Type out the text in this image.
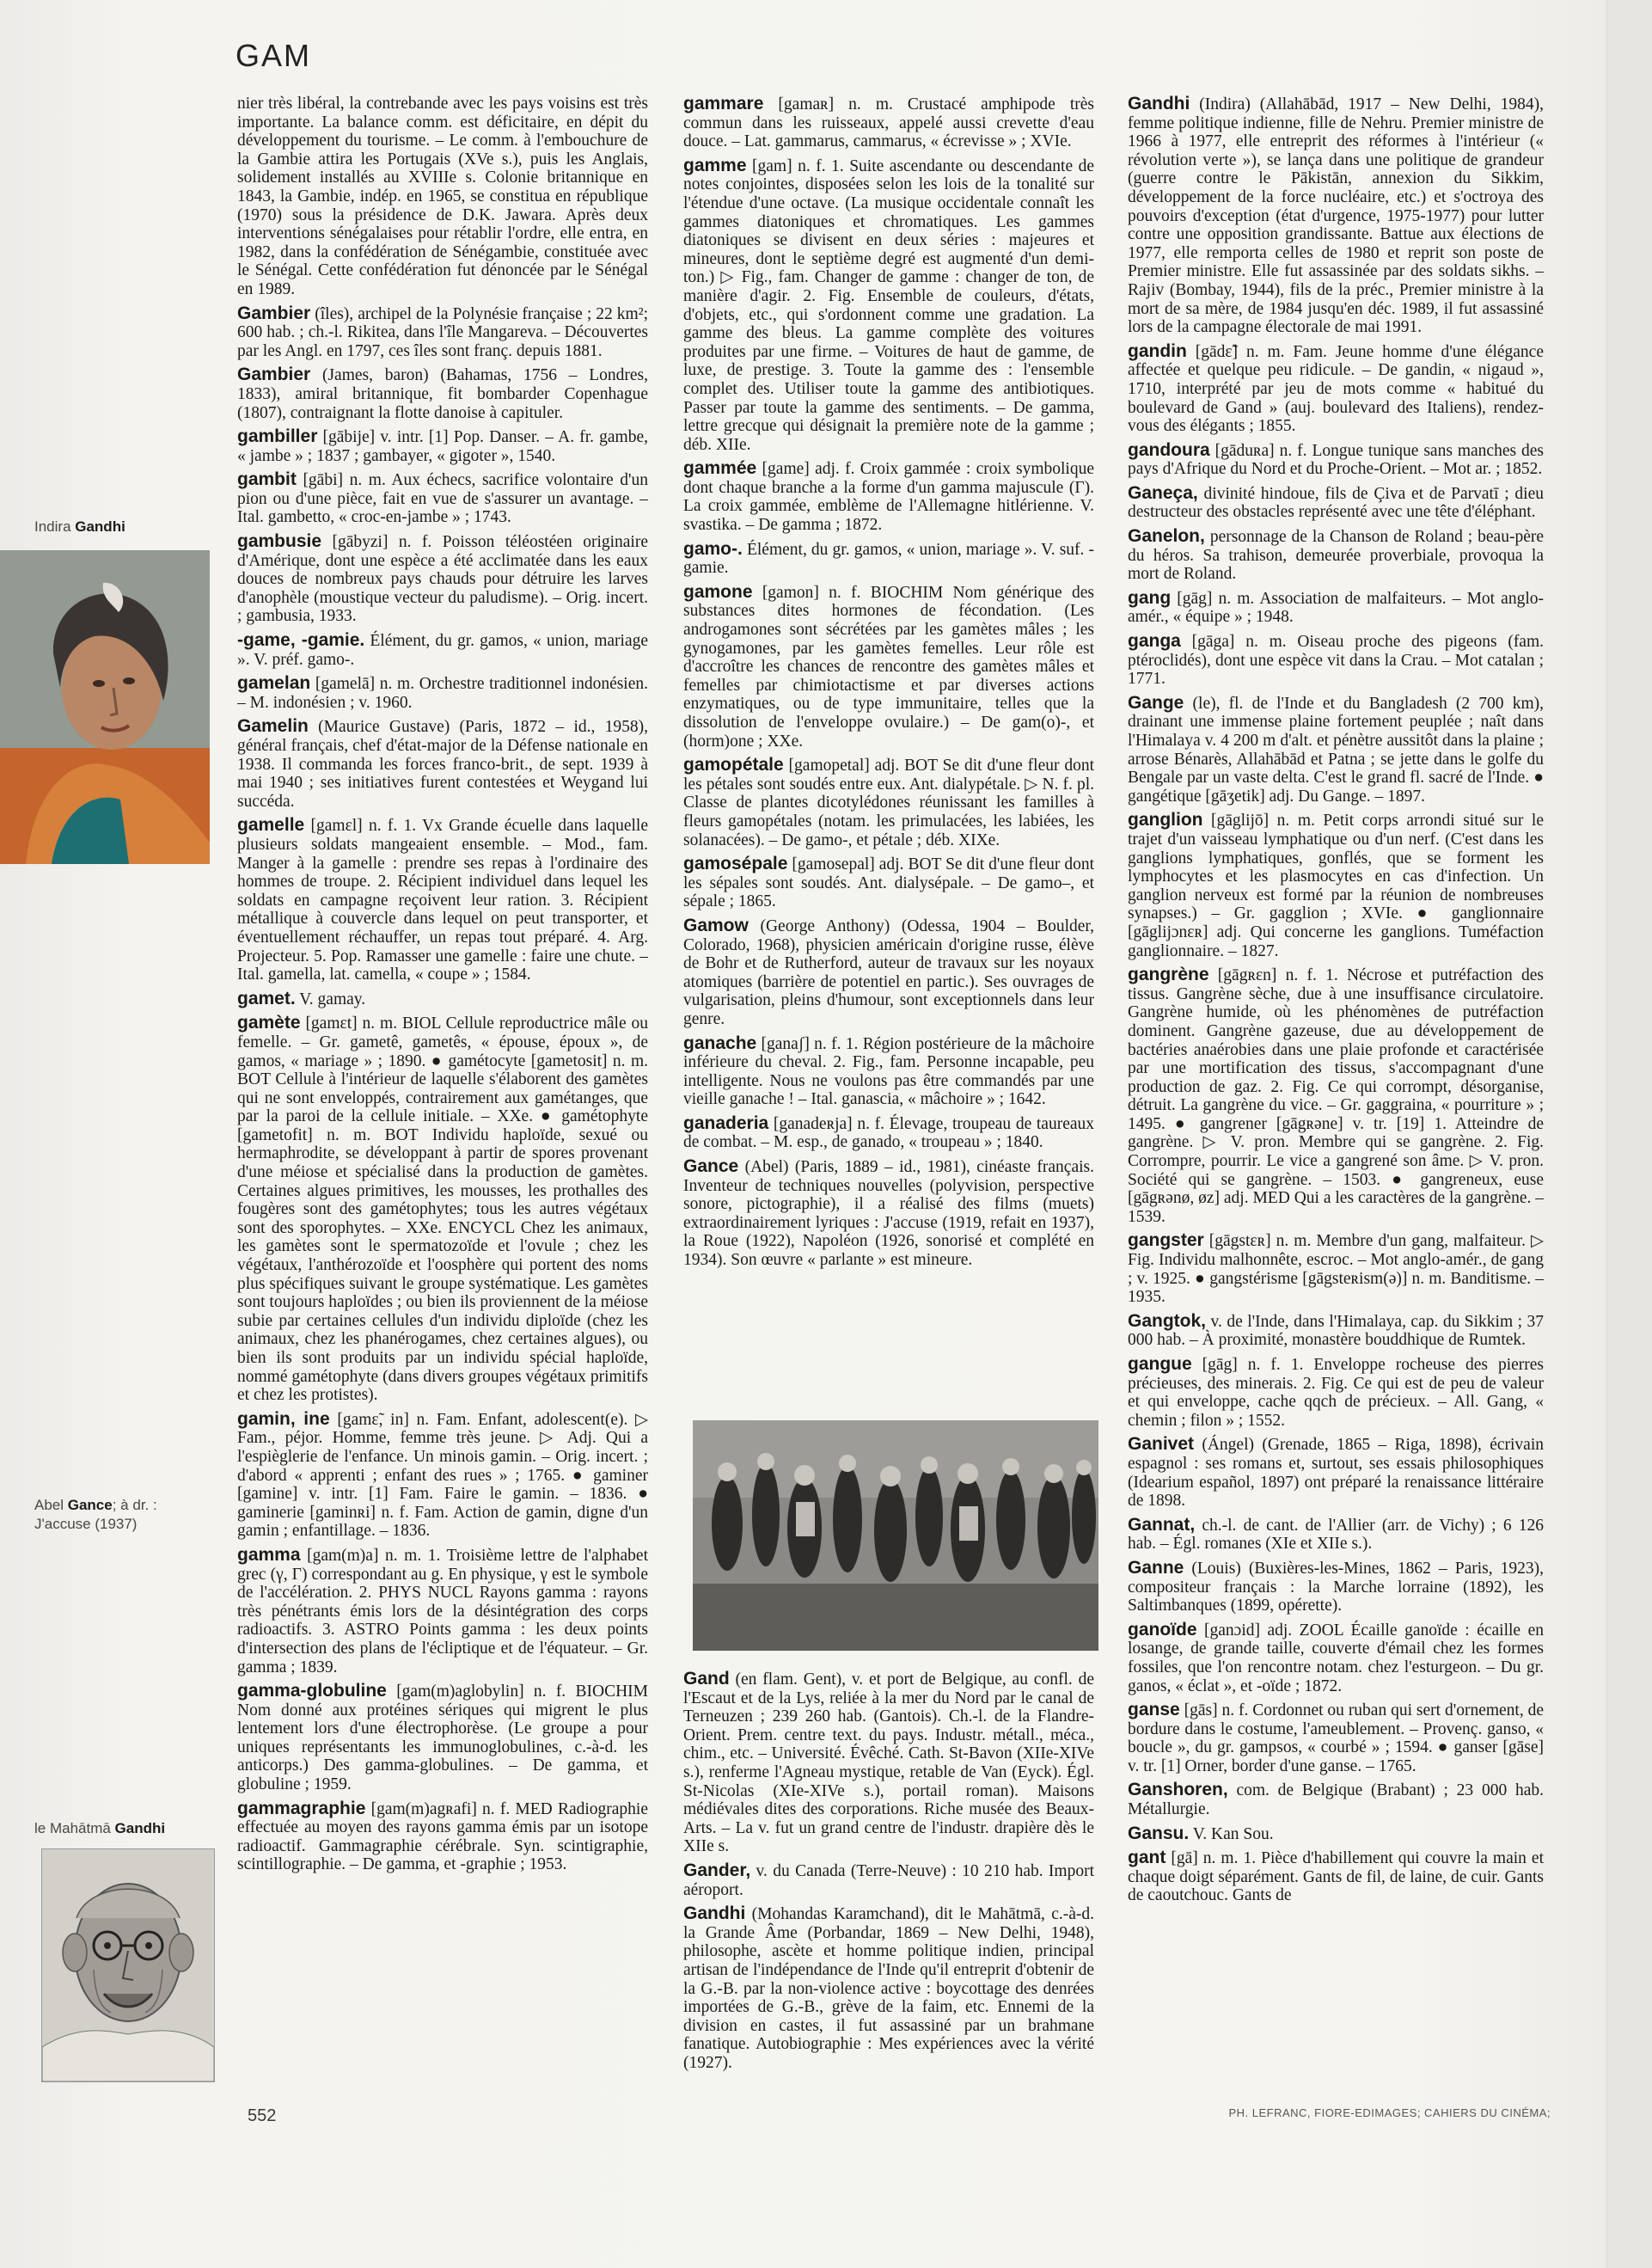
GAM
Indira Gandhi
Abel Gance; à dr. : J'accuse (1937)
le Mahātmā Gandhi

nier très libéral, la contrebande avec les pays voisins est très importante. La balance comm. est déficitaire, en dépit du développement du tourisme. – Le comm. à l'embouchure de la Gambie attira les Portugais (XVe s.), puis les Anglais, solidement installés au XVIIIe s. Colonie britannique en 1843, la Gambie, indép. en 1965, se constitua en république (1970) sous la présidence de D.K. Jawara. Après deux interventions sénégalaises pour rétablir l'ordre, elle entra, en 1982, dans la confédération de Sénégambie, constituée avec le Sénégal. Cette confédération fut dénoncée par le Sénégal en 1989.

Gambier (îles), archipel de la Polynésie française ; 22 km²; 600 hab. ; ch.-l. Rikitea, dans l'île Mangareva. – Découvertes par les Angl. en 1797, ces îles sont franç. depuis 1881.

Gambier (James, baron) (Bahamas, 1756 – Londres, 1833), amiral britannique, fit bombarder Copenhague (1807), contraignant la flotte danoise à capituler.

gambiller [gābije] v. intr. [1] Pop. Danser. – A. fr. gambe, « jambe » ; 1837 ; gambayer, « gigoter », 1540.

gambit [gābi] n. m. Aux échecs, sacrifice volontaire d'un pion ou d'une pièce, fait en vue de s'assurer un avantage. – Ital. gambetto, « croc-en-jambe » ; 1743.

gambusie [gābyzi] n. f. Poisson téléostéen originaire d'Amérique, dont une espèce a été acclimatée dans les eaux douces de nombreux pays chauds pour détruire les larves d'anophèle (moustique vecteur du paludisme). – Orig. incert. ; gambusia, 1933.

-game, -gamie. Élément, du gr. gamos, « union, mariage ». V. préf. gamo-.

gamelan [gamelā] n. m. Orchestre traditionnel indonésien. – M. indonésien ; v. 1960.

Gamelin (Maurice Gustave) (Paris, 1872 – id., 1958), général français, chef d'état-major de la Défense nationale en 1938. Il commanda les forces franco-brit., de sept. 1939 à mai 1940 ; ses initiatives furent contestées et Weygand lui succéda.

gamelle [gamɛl] n. f. 1. Vx Grande écuelle dans laquelle plusieurs soldats mangeaient ensemble. – Mod., fam. Manger à la gamelle : prendre ses repas à l'ordinaire des hommes de troupe. 2. Récipient individuel dans lequel les soldats en campagne reçoivent leur ration. 3. Récipient métallique à couvercle dans lequel on peut transporter, et éventuellement réchauffer, un repas tout préparé. 4. Arg. Projecteur. 5. Pop. Ramasser une gamelle : faire une chute. – Ital. gamella, lat. camella, « coupe » ; 1584.

gamet. V. gamay.

gamète [gamɛt] n. m. BIOL Cellule reproductrice mâle ou femelle. – Gr. gametê, gametês, « épouse, époux », de gamos, « mariage » ; 1890. ● gamétocyte [gametosit] n. m. BOT Cellule à l'intérieur de laquelle s'élaborent des gamètes qui ne sont enveloppés, contrairement aux gamétanges, que par la paroi de la cellule initiale. – XXe. ● gamétophyte [gametofit] n. m. BOT Individu haploïde, sexué ou hermaphrodite, se développant à partir de spores provenant d'une méiose et spécialisé dans la production de gamètes. Certaines algues primitives, les mousses, les prothalles des fougères sont des gamétophytes; tous les autres végétaux sont des sporophytes. – XXe. ENCYCL Chez les animaux, les gamètes sont le spermatozoïde et l'ovule ; chez les végétaux, l'anthérozoïde et l'oosphère qui portent des noms plus spécifiques suivant le groupe systématique. Les gamètes sont toujours haploïdes ; ou bien ils proviennent de la méiose subie par certaines cellules d'un individu diploïde (chez les animaux, chez les phanérogames, chez certaines algues), ou bien ils sont produits par un individu spécial haploïde, nommé gamétophyte (dans divers groupes végétaux primitifs et chez les protistes).

gamin, ine [gamɛ̃, in] n. Fam. Enfant, adolescent(e). ▷ Fam., péjor. Homme, femme très jeune. ▷ Adj. Qui a l'espièglerie de l'enfance. Un minois gamin. – Orig. incert. ; d'abord « apprenti ; enfant des rues » ; 1765. ● gaminer [gamine] v. intr. [1] Fam. Faire le gamin. – 1836. ● gaminerie [gaminʀi] n. f. Fam. Action de gamin, digne d'un gamin ; enfantillage. – 1836.

gamma [gam(m)a] n. m. 1. Troisième lettre de l'alphabet grec (γ, Γ) correspondant au g. En physique, γ est le symbole de l'accélération. 2. PHYS NUCL Rayons gamma : rayons très pénétrants émis lors de la désintégration des corps radioactifs. 3. ASTRO Points gamma : les deux points d'intersection des plans de l'écliptique et de l'équateur. – Gr. gamma ; 1839.

gamma-globuline [gam(m)aglobylin] n. f. BIOCHIM Nom donné aux protéines sériques qui migrent le plus lentement lors d'une électrophorèse. (Le groupe a pour uniques représentants les immunoglobulines, c.-à-d. les anticorps.) Des gamma-globulines. – De gamma, et globuline ; 1959.

gammagraphie [gam(m)agʀafi] n. f. MED Radiographie effectuée au moyen des rayons gamma émis par un isotope radioactif. Gammagraphie cérébrale. Syn. scintigraphie, scintillographie. – De gamma, et -graphie ; 1953.

gammare [gamaʀ] n. m. Crustacé amphipode très commun dans les ruisseaux, appelé aussi crevette d'eau douce. – Lat. gammarus, cammarus, « écrevisse » ; XVIe.

gamme [gam] n. f. 1. Suite ascendante ou descendante de notes conjointes, disposées selon les lois de la tonalité sur l'étendue d'une octave. (La musique occidentale connaît les gammes diatoniques et chromatiques. Les gammes diatoniques se divisent en deux séries : majeures et mineures, dont le septième degré est augmenté d'un demi-ton.) ▷ Fig., fam. Changer de gamme : changer de ton, de manière d'agir. 2. Fig. Ensemble de couleurs, d'états, d'objets, etc., qui s'ordonnent comme une gradation. La gamme des bleus. La gamme complète des voitures produites par une firme. – Voitures de haut de gamme, de luxe, de prestige. 3. Toute la gamme des : l'ensemble complet des. Utiliser toute la gamme des antibiotiques. Passer par toute la gamme des sentiments. – De gamma, lettre grecque qui désignait la première note de la gamme ; déb. XIIe.

gammée [game] adj. f. Croix gammée : croix symbolique dont chaque branche a la forme d'un gamma majuscule (Γ). La croix gammée, emblème de l'Allemagne hitlérienne. V. svastika. – De gamma ; 1872.

gamo-. Élément, du gr. gamos, « union, mariage ». V. suf. -gamie.

gamone [gamon] n. f. BIOCHIM Nom générique des substances dites hormones de fécondation. (Les androgamones sont sécrétées par les gamètes mâles ; les gynogamones, par les gamètes femelles. Leur rôle est d'accroître les chances de rencontre des gamètes mâles et femelles par chimiotactisme et par diverses actions enzymatiques, ou de type immunitaire, telles que la dissolution de l'enveloppe ovulaire.) – De gam(o)-, et (horm)one ; XXe.

gamopétale [gamopetal] adj. BOT Se dit d'une fleur dont les pétales sont soudés entre eux. Ant. dialypétale. ▷ N. f. pl. Classe de plantes dicotylédones réunissant les familles à fleurs gamopétales (notam. les primulacées, les labiées, les solanacées). – De gamo-, et pétale ; déb. XIXe.

gamosépale [gamosepal] adj. BOT Se dit d'une fleur dont les sépales sont soudés. Ant. dialysépale. – De gamo–, et sépale ; 1865.

Gamow (George Anthony) (Odessa, 1904 – Boulder, Colorado, 1968), physicien américain d'origine russe, élève de Bohr et de Rutherford, auteur de travaux sur les noyaux atomiques (barrière de potentiel en partic.). Ses ouvrages de vulgarisation, pleins d'humour, sont exceptionnels dans leur genre.

ganache [ganaʃ] n. f. 1. Région postérieure de la mâchoire inférieure du cheval. 2. Fig., fam. Personne incapable, peu intelligente. Nous ne voulons pas être commandés par une vieille ganache ! – Ital. ganascia, « mâchoire » ; 1642.

ganaderia [ganadeʀja] n. f. Élevage, troupeau de taureaux de combat. – M. esp., de ganado, « troupeau » ; 1840.

Gance (Abel) (Paris, 1889 – id., 1981), cinéaste français. Inventeur de techniques nouvelles (polyvision, perspective sonore, pictographie), il a réalisé des films (muets) extraordinairement lyriques : J'accuse (1919, refait en 1937), la Roue (1922), Napoléon (1926, sonorisé et complété en 1934). Son œuvre « parlante » est mineure.

Gand (en flam. Gent), v. et port de Belgique, au confl. de l'Escaut et de la Lys, reliée à la mer du Nord par le canal de Terneuzen ; 239 260 hab. (Gantois). Ch.-l. de la Flandre-Orient. Prem. centre text. du pays. Industr. métall., méca., chim., etc. – Université. Évêché. Cath. St-Bavon (XIIe-XIVe s.), renferme l'Agneau mystique, retable de Van (Eyck). Égl. St-Nicolas (XIe-XIVe s.), portail roman). Maisons médiévales dites des corporations. Riche musée des Beaux-Arts. – La v. fut un grand centre de l'industr. drapière dès le XIIe s.

Gander, v. du Canada (Terre-Neuve) : 10 210 hab. Import aéroport.

Gandhi (Mohandas Karamchand), dit le Mahātmā, c.-à-d. la Grande Âme (Porbandar, 1869 – New Delhi, 1948), philosophe, ascète et homme politique indien, principal artisan de l'indépendance de l'Inde qu'il entreprit d'obtenir de la G.-B. par la non-violence active : boycottage des denrées importées de G.-B., grève de la faim, etc. Ennemi de la division en castes, il fut assassiné par un brahmane fanatique. Autobiographie : Mes expériences avec la vérité (1927).

Gandhi (Indira) (Allahābād, 1917 – New Delhi, 1984), femme politique indienne, fille de Nehru. Premier ministre de 1966 à 1977, elle entreprit des réformes à l'intérieur (« révolution verte »), se lança dans une politique de grandeur (guerre contre le Pākistān, annexion du Sikkim, développement de la force nucléaire, etc.) et s'octroya des pouvoirs d'exception (état d'urgence, 1975-1977) pour lutter contre une opposition grandissante. Battue aux élections de 1977, elle remporta celles de 1980 et reprit son poste de Premier ministre. Elle fut assassinée par des soldats sikhs. – Rajiv (Bombay, 1944), fils de la préc., Premier ministre à la mort de sa mère, de 1984 jusqu'en déc. 1989, il fut assassiné lors de la campagne électorale de mai 1991.

gandin [gādɛ̃] n. m. Fam. Jeune homme d'une élégance affectée et quelque peu ridicule. – De gandin, « nigaud », 1710, interprété par jeu de mots comme « habitué du boulevard de Gand » (auj. boulevard des Italiens), rendez-vous des élégants ; 1855.

gandoura [gāduʀa] n. f. Longue tunique sans manches des pays d'Afrique du Nord et du Proche-Orient. – Mot ar. ; 1852.

Ganeça, divinité hindoue, fils de Çiva et de Parvatī ; dieu destructeur des obstacles représenté avec une tête d'éléphant.

Ganelon, personnage de la Chanson de Roland ; beau-père du héros. Sa trahison, demeurée proverbiale, provoqua la mort de Roland.

gang [gāg] n. m. Association de malfaiteurs. – Mot anglo-amér., « équipe » ; 1948.

ganga [gāga] n. m. Oiseau proche des pigeons (fam. ptéroclidés), dont une espèce vit dans la Crau. – Mot catalan ; 1771.

Gange (le), fl. de l'Inde et du Bangladesh (2 700 km), drainant une immense plaine fortement peuplée ; naît dans l'Himalaya v. 4 200 m d'alt. et pénètre aussitôt dans la plaine ; arrose Bénarès, Allahābād et Patna ; se jette dans le golfe du Bengale par un vaste delta. C'est le grand fl. sacré de l'Inde. ● gangétique [gāʒetik] adj. Du Gange. – 1897.

ganglion [gāglijō] n. m. Petit corps arrondi situé sur le trajet d'un vaisseau lymphatique ou d'un nerf. (C'est dans les ganglions lymphatiques, gonflés, que se forment les lymphocytes et les plasmocytes en cas d'infection. Un ganglion nerveux est formé par la réunion de nombreuses synapses.) – Gr. gagglion ; XVIe. ● ganglionnaire [gāglijɔnɛʀ] adj. Qui concerne les ganglions. Tuméfaction ganglionnaire. – 1827.

gangrène [gāgʀɛn] n. f. 1. Nécrose et putréfaction des tissus. Gangrène sèche, due à une insuffisance circulatoire. Gangrène humide, où les phénomènes de putréfaction dominent. Gangrène gazeuse, due au développement de bactéries anaérobies dans une plaie profonde et caractérisée par une mortification des tissus, s'accompagnant d'une production de gaz. 2. Fig. Ce qui corrompt, désorganise, détruit. La gangrène du vice. – Gr. gaggraina, « pourriture » ; 1495. ● gangrener [gāgʀəne] v. tr. [19] 1. Atteindre de gangrène. ▷ V. pron. Membre qui se gangrène. 2. Fig. Corrompre, pourrir. Le vice a gangrené son âme. ▷ V. pron. Société qui se gangrène. – 1503. ● gangreneux, euse [gāgʀənø, øz] adj. MED Qui a les caractères de la gangrène. – 1539.

gangster [gāgstɛʀ] n. m. Membre d'un gang, malfaiteur. ▷ Fig. Individu malhonnête, escroc. – Mot anglo-amér., de gang ; v. 1925. ● gangstérisme [gāgsteʀism(ə)] n. m. Banditisme. – 1935.

Gangtok, v. de l'Inde, dans l'Himalaya, cap. du Sikkim ; 37 000 hab. – À proximité, monastère bouddhique de Rumtek.

gangue [gāg] n. f. 1. Enveloppe rocheuse des pierres précieuses, des minerais. 2. Fig. Ce qui est de peu de valeur et qui enveloppe, cache qqch de précieux. – All. Gang, « chemin ; filon » ; 1552.

Ganivet (Ángel) (Grenade, 1865 – Riga, 1898), écrivain espagnol : ses romans et, surtout, ses essais philosophiques (Idearium español, 1897) ont préparé la renaissance littéraire de 1898.

Gannat, ch.-l. de cant. de l'Allier (arr. de Vichy) ; 6 126 hab. – Égl. romanes (XIe et XIIe s.).

Ganne (Louis) (Buxières-les-Mines, 1862 – Paris, 1923), compositeur français : la Marche lorraine (1892), les Saltimbanques (1899, opérette).

ganoïde [ganɔid] adj. ZOOL Écaille ganoïde : écaille en losange, de grande taille, couverte d'émail chez les formes fossiles, que l'on rencontre notam. chez l'esturgeon. – Du gr. ganos, « éclat », et -oïde ; 1872.

ganse [gās] n. f. Cordonnet ou ruban qui sert d'ornement, de bordure dans le costume, l'ameublement. – Provenç. ganso, « boucle », du gr. gampsos, « courbé » ; 1594. ● ganser [gāse] v. tr. [1] Orner, border d'une ganse. – 1765.

Ganshoren, com. de Belgique (Brabant) ; 23 000 hab. Métallurgie.

Gansu. V. Kan Sou.

gant [gā] n. m. 1. Pièce d'habillement qui couvre la main et chaque doigt séparément. Gants de fil, de laine, de cuir. Gants de caoutchouc. Gants de

552	PH. LEFRANC, FIORE-EDIMAGES; CAHIERS DU CINÉMA;
